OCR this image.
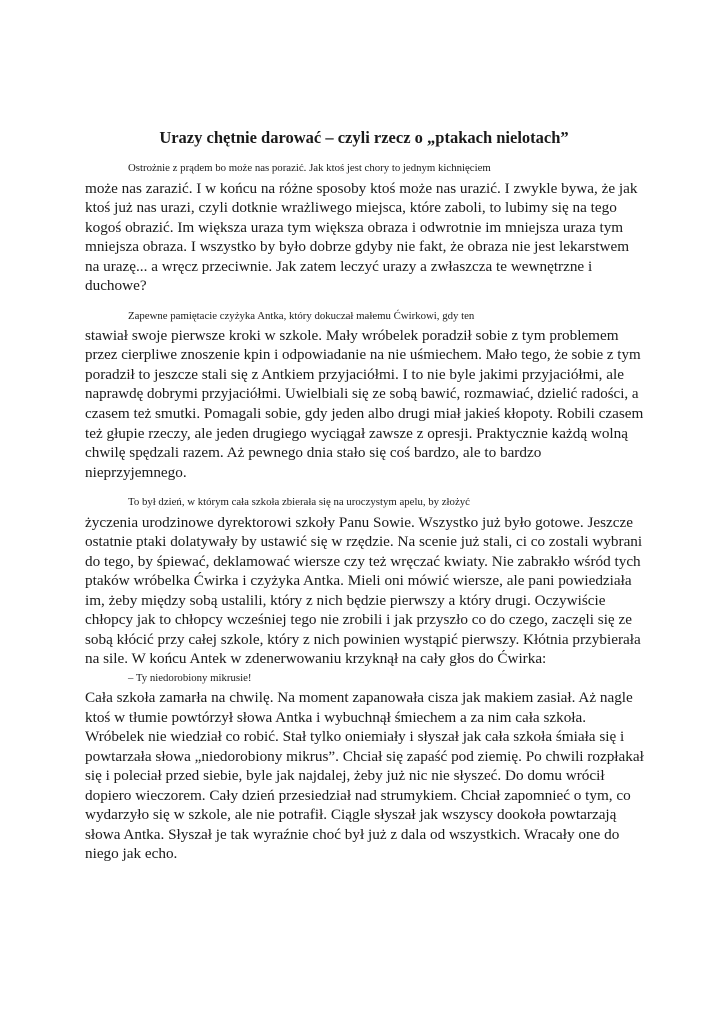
Urazy chętnie darować – czyli rzecz o „ptakach nielotach”
Ostrożnie z prądem bo może nas porazić. Jak ktoś jest chory to jednym kichnięciem
może nas zarazić. I w końcu na różne sposoby ktoś może nas urazić. I zwykle bywa, że jak
ktoś już nas urazi, czyli dotknie wrażliwego miejsca, które zaboli, to lubimy się na tego
kogoś obrazić. Im większa uraza tym większa obraza i odwrotnie im mniejsza uraza tym
mniejsza obraza. I wszystko by było dobrze gdyby nie fakt, że obraza nie jest lekarstwem
na urazę... a wręcz przeciwnie. Jak zatem leczyć urazy a zwłaszcza te wewnętrzne i
duchowe?
Zapewne pamiętacie czyżyka Antka, który dokuczał małemu Ćwirkowi, gdy ten
stawiał swoje pierwsze kroki w szkole. Mały wróbelek poradził sobie z tym problemem
przez cierpliwe znoszenie kpin i odpowiadanie na nie uśmiechem. Mało tego, że sobie z tym
poradził to jeszcze stali się z Antkiem przyjaciółmi. I to nie byle jakimi przyjaciółmi, ale
naprawdę dobrymi przyjaciółmi. Uwielbiali się ze sobą bawić, rozmawiać, dzielić radości, a
czasem też smutki. Pomagali sobie, gdy jeden albo drugi miał jakieś kłopoty. Robili czasem
też głupie rzeczy, ale jeden drugiego wyciągał zawsze z opresji. Praktycznie każdą wolną
chwilę spędzali razem. Aż pewnego dnia stało się coś bardzo, ale to bardzo
nieprzyjemnego.
To był dzień, w którym cała szkoła zbierała się na uroczystym apelu, by złożyć
życzenia urodzinowe dyrektorowi szkoły Panu Sowie. Wszystko już było gotowe. Jeszcze
ostatnie ptaki dolatywały by ustawić się w rzędzie. Na scenie już stali, ci co zostali wybrani
do tego, by śpiewać, deklamować wiersze czy też wręczać kwiaty. Nie zabrakło wśród tych
ptaków wróbelka Ćwirka i czyżyka Antka. Mieli oni mówić wiersze, ale pani powiedziała
im, żeby między sobą ustalili, który z nich będzie pierwszy a który drugi. Oczywiście
chłopcy jak to chłopcy wcześniej tego nie zrobili i jak przyszło co do czego, zaczęli się ze
sobą kłócić przy całej szkole, który z nich powinien wystąpić pierwszy. Kłótnia przybierała
na sile. W końcu Antek w zdenerwowaniu krzyknął na cały głos do Ćwirka:
– Ty niedorobiony mikrusie!
Cała szkoła zamarła na chwilę. Na moment zapanowała cisza jak makiem zasiał. Aż nagle
ktoś w tłumie powtórzył słowa Antka i wybuchnął śmiechem a za nim cała szkoła.
Wróbelek nie wiedział co robić. Stał tylko oniemiały i słyszał jak cała szkoła śmiała się i
powtarzała słowa „niedorobiony mikrus”. Chciał się zapaść pod ziemię. Po chwili rozpłakał
się i poleciał przed siebie, byle jak najdalej, żeby już nic nie słyszeć. Do domu wrócił
dopiero wieczorem. Cały dzień przesiedział nad strumykiem. Chciał zapomnieć o tym, co
wydarzyło się w szkole, ale nie potrafił. Ciągle słyszał jak wszyscy dookoła powtarzają
słowa Antka. Słyszał je tak wyraźnie choć był już z dala od wszystkich. Wracały one do
niego jak echo.
